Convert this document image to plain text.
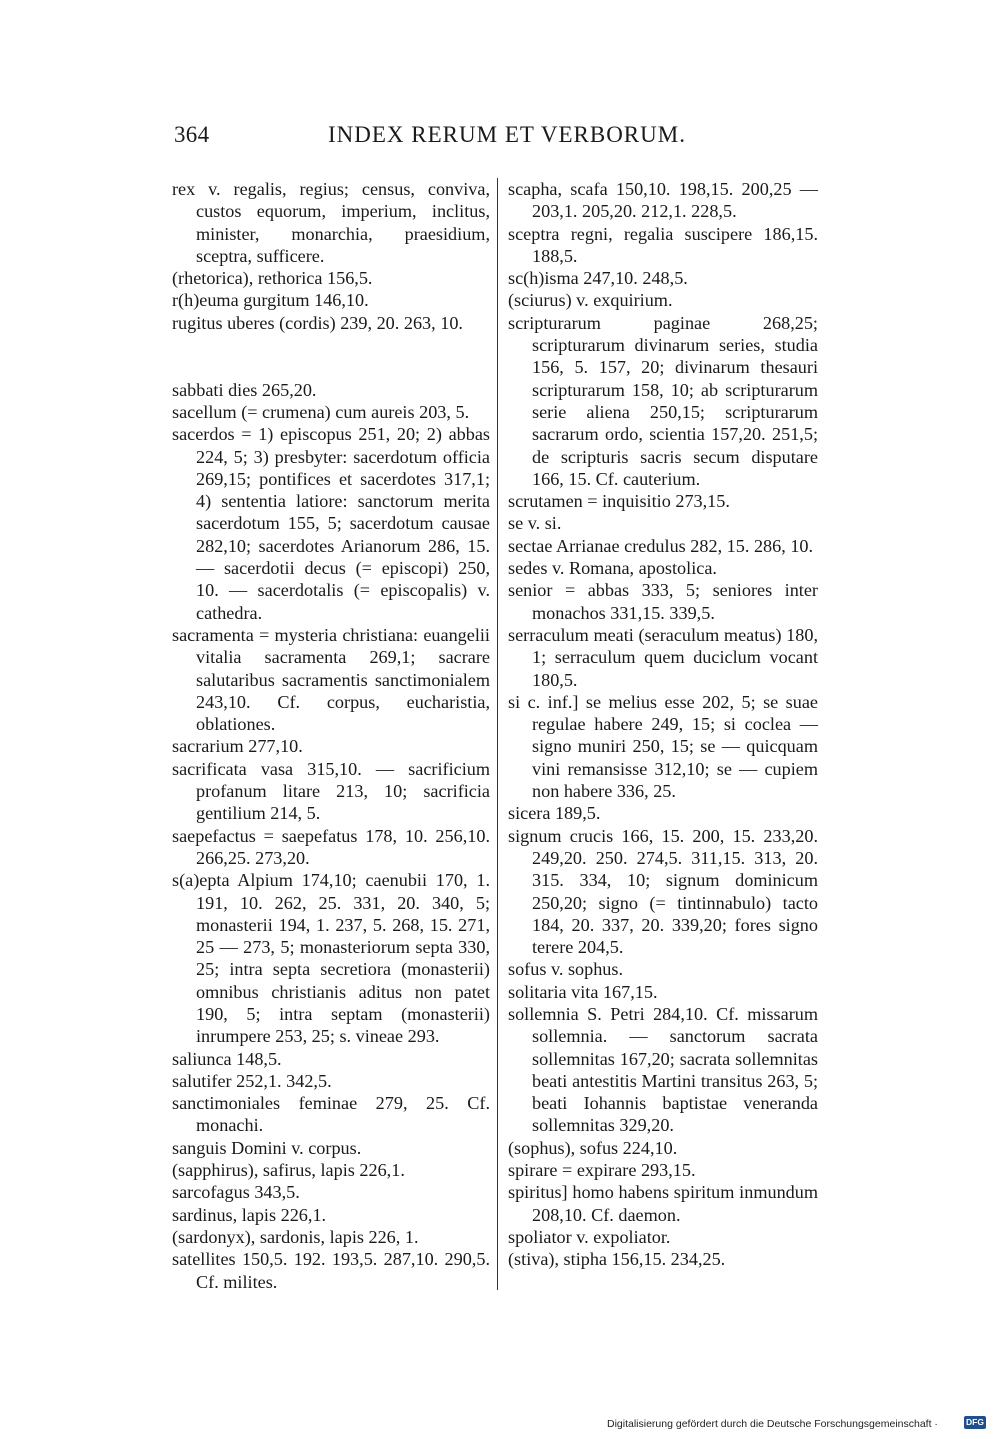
364	INDEX RERUM ET VERBORUM.

rex v. regalis, regius; census, conviva, custos equorum, imperium, inclitus, minister, monarchia, praesidium, sceptra, sufficere.

(rhetorica), rethorica 156,5.

r(h)euma gurgitum 146,10.

rugitus uberes (cordis) 239, 20. 263, 10.

sabbati dies 265,20.

sacellum (= crumena) cum aureis 203, 5.

sacerdos = 1) episcopus 251, 20; 2) abbas 224, 5; 3) presbyter: sacerdotum officia 269,15; pontifices et sacerdotes 317,1; 4) sententia latiore: sanctorum merita sacerdotum 155, 5; sacerdotum causae 282,10; sacerdotes Arianorum 286, 15. — sacerdotii decus (= episcopi) 250, 10. — sacerdotalis (= episcopalis) v. cathedra.

sacramenta = mysteria christiana: euangelii vitalia sacramenta 269,1; sacrare salutaribus sacramentis sanctimonialem 243,10. Cf. corpus, eucharistia, oblationes.

sacrarium 277,10.

sacrificata vasa 315,10. — sacrificium profanum litare 213, 10; sacrificia gentilium 214, 5.

saepefactus = saepefatus 178, 10. 256,10. 266,25. 273,20.

s(a)epta Alpium 174,10; caenubii 170, 1. 191, 10. 262, 25. 331, 20. 340, 5; monasterii 194, 1. 237, 5. 268, 15. 271, 25 — 273, 5; monasteriorum septa 330, 25; intra septa secretiora (monasterii) omnibus christianis aditus non patet 190, 5; intra septam (monasterii) inrumpere 253, 25; s. vineae 293.

saliunca 148,5.

salutifer 252,1. 342,5.

sanctimoniales feminae 279, 25. Cf. monachi.

sanguis Domini v. corpus.

(sapphirus), safirus, lapis 226,1.

sarcofagus 343,5.

sardinus, lapis 226,1.

(sardonyx), sardonis, lapis 226, 1.

satellites 150,5. 192. 193,5. 287,10. 290,5. Cf. milites.

scapha, scafa 150,10. 198,15. 200,25 —203,1. 205,20. 212,1. 228,5.

sceptra regni, regalia suscipere 186,15. 188,5.

sc(h)isma 247,10. 248,5.

(sciurus) v. exquirium.

scripturarum paginae 268,25; scripturarum divinarum series, studia 156, 5. 157, 20; divinarum thesauri scripturarum 158, 10; ab scripturarum serie aliena 250,15; scripturarum sacrarum ordo, scientia 157,20. 251,5; de scripturis sacris secum disputare 166, 15. Cf. cauterium.

scrutamen = inquisitio 273,15.

se v. si.

sectae Arrianae credulus 282, 15. 286, 10.

sedes v. Romana, apostolica.

senior = abbas 333, 5; seniores inter monachos 331,15. 339,5.

serraculum meati (seraculum meatus) 180, 1; serraculum quem duciclum vocant 180,5.

si c. inf.] se melius esse 202, 5; se suae regulae habere 249, 15; si coclea — signo muniri 250, 15; se — quicquam vini remansisse 312,10; se — cupiem non habere 336, 25.

sicera 189,5.

signum crucis 166, 15. 200, 15. 233,20. 249,20. 250. 274,5. 311,15. 313, 20. 315. 334, 10; signum dominicum 250,20; signo (= tintinnabulo) tacto 184, 20. 337, 20. 339,20; fores signo terere 204,5.

sofus v. sophus.

solitaria vita 167,15.

sollemnia S. Petri 284,10. Cf. missarum sollemnia. — sanctorum sacrata sollemnitas 167,20; sacrata sollemnitas beati antestitis Martini transitus 263, 5; beati Iohannis baptistae veneranda sollemnitas 329,20.

(sophus), sofus 224,10.

spirare = expirare 293,15.

spiritus] homo habens spiritum inmundum 208,10. Cf. daemon.

spoliator v. expoliator.

(stiva), stipha 156,15. 234,25.

Digitalisierung gefördert durch die Deutsche Forschungsgemeinschaft ·	DFG
